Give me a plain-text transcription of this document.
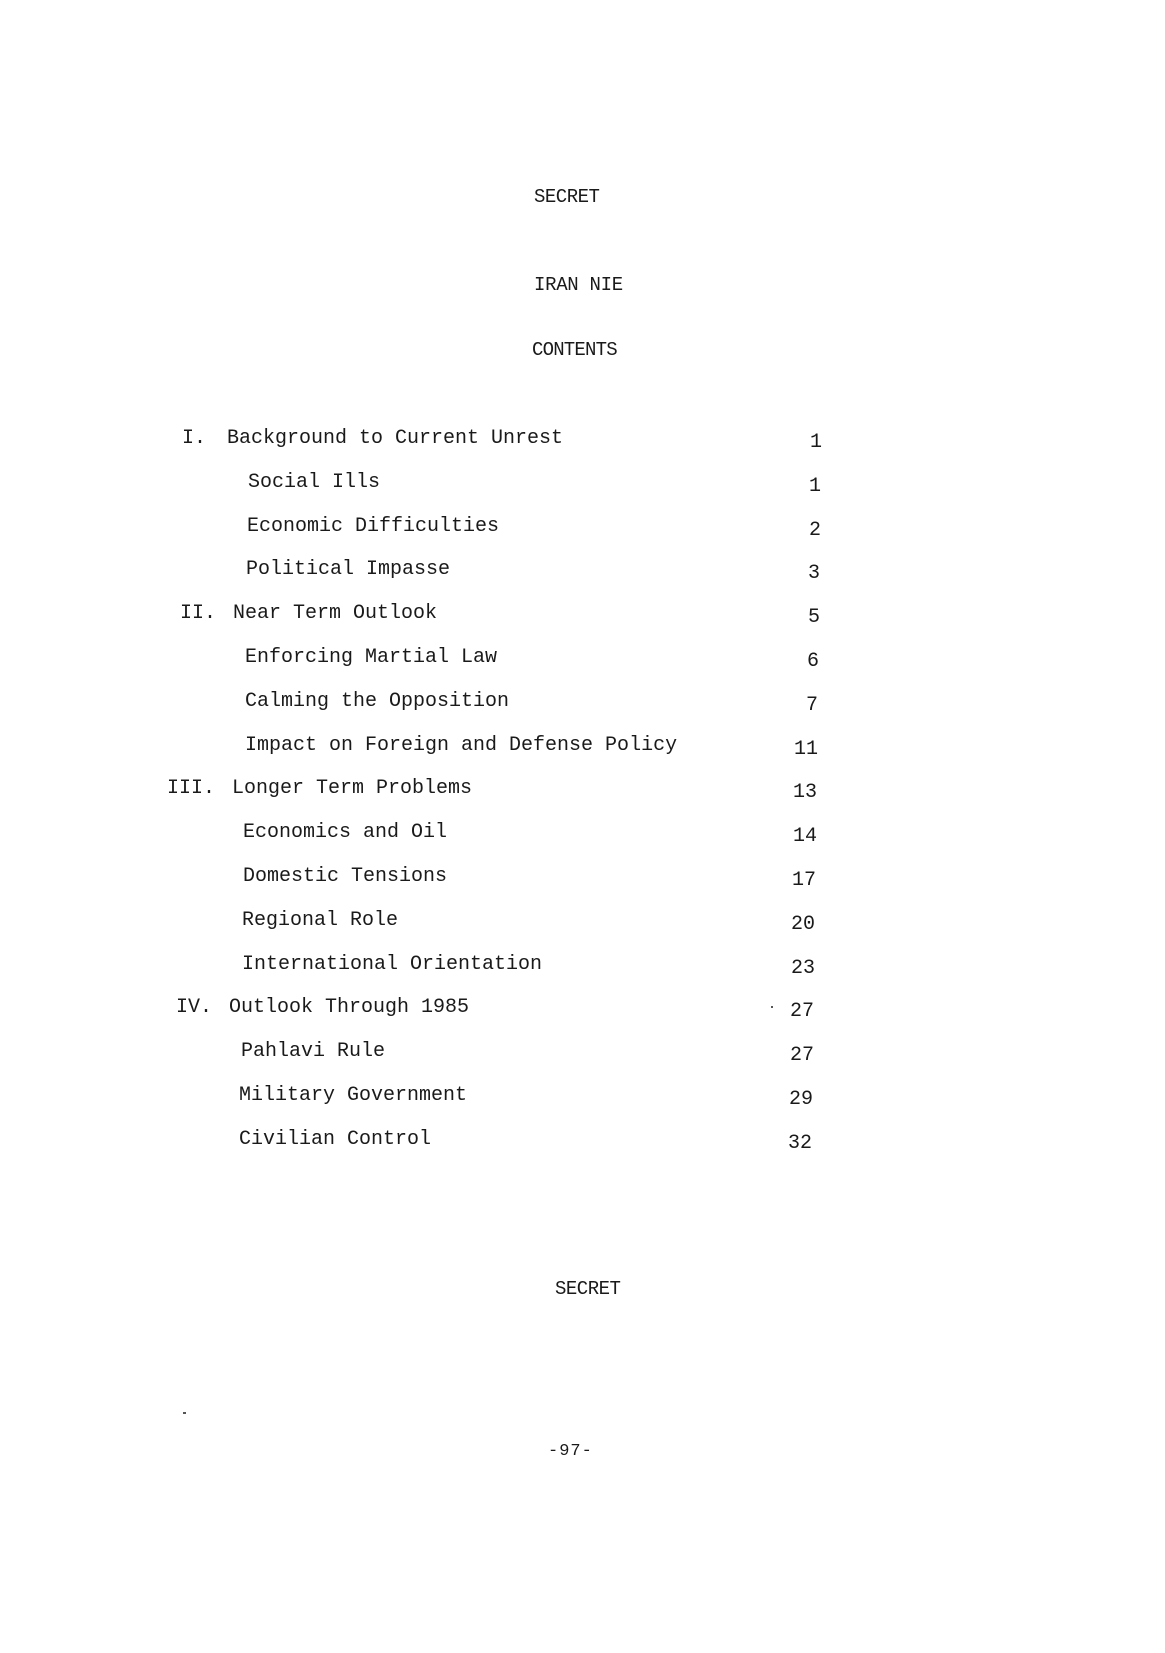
SECRET
IRAN NIE
CONTENTS
I. Background to Current Unrest	1
Social Ills	1
Economic Difficulties	2
Political Impasse	3
II. Near Term Outlook	5
Enforcing Martial Law	6
Calming the Opposition	7
Impact on Foreign and Defense Policy	11
III. Longer Term Problems	13
Economics and Oil	14
Domestic Tensions	17
Regional Role	20
International Orientation	23
IV. Outlook Through 1985	27
Pahlavi Rule	27
Military Government	29
Civilian Control	32
SECRET
-97-
